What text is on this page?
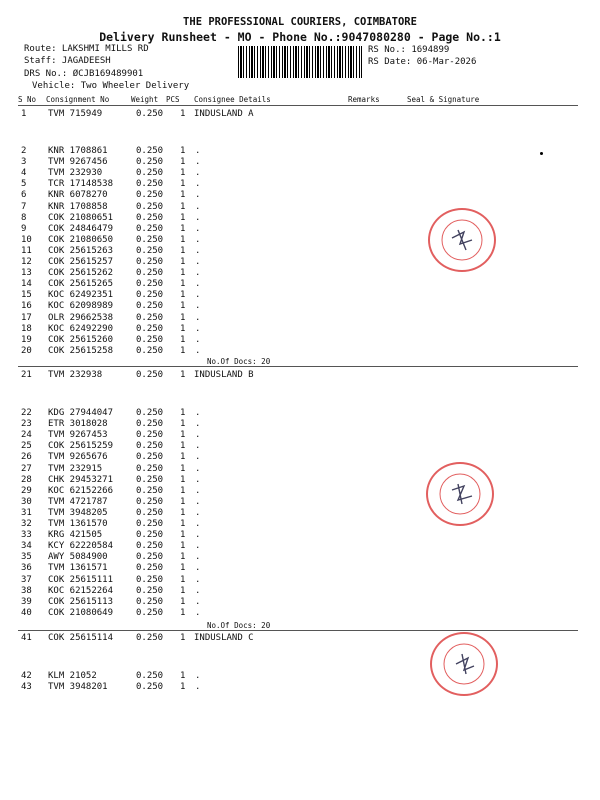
THE PROFESSIONAL COURIERS, COIMBATORE
Delivery Runsheet - MO - Phone No.:9047080280 - Page No.:1
Route: LAKSHMI MILLS RD
Staff: JAGADEESH
DRS No.: ØCJB169489901
Vehicle: Two Wheeler Delivery
RS No.: 1694899
RS Date: 06-Mar-2026
S No Consignment No	Weight PCS Consignee Details	Remarks	Seal & Signature
1 TVM 715949	0.250 1 INDUSLAND A
2 KNR 1708861	0.250 1 .
3 TVM 9267456	0.250 1 .
4 TVM 232930	0.250 1 .
5 TCR 17148538	0.250 1 .
6 KNR 6078270	0.250 1 .
7 KNR 1708858	0.250 1 .
8 COK 21080651	0.250 1 .
9 COK 24846479	0.250 1 .
10 COK 21080650	0.250 1 .
11 COK 25615263	0.250 1 .
12 COK 25615257	0.250 1 .
13 COK 25615262	0.250 1 .
14 COK 25615265	0.250 1 .
15 KOC 62492351	0.250 1 .
16 KOC 62098989	0.250 1 .
17 OLR 29662538	0.250 1 .
18 KOC 62492290	0.250 1 .
19 COK 25615260	0.250 1 .
20 COK 25615258	0.250 1 .
No.Of Docs: 20
21 TVM 232938	0.250 1 INDUSLAND B
22 KDG 27944047	0.250 1 .
23 ETR 3018028	0.250 1 .
24 TVM 9267453	0.250 1 .
25 COK 25615259	0.250 1 .
26 TVM 9265676	0.250 1 .
27 TVM 232915	0.250 1 .
28 CHK 29453271	0.250 1 .
29 KOC 62152266	0.250 1 .
30 TVM 4721787	0.250 1 .
31 TVM 3948205	0.250 1 .
32 TVM 1361570	0.250 1 .
33 KRG 421505	0.250 1 .
34 KCY 62220584	0.250 1 .
35 AWY 5084900	0.250 1 .
36 TVM 1361571	0.250 1 .
37 COK 25615111	0.250 1 .
38 KOC 62152264	0.250 1 .
39 COK 25615113	0.250 1 .
40 COK 21080649	0.250 1 .
No.Of Docs: 20
41 COK 25615114	0.250 1 INDUSLAND C
42 KLM 21052	0.250 1 .
43 TVM 3948201	0.250 1 .
